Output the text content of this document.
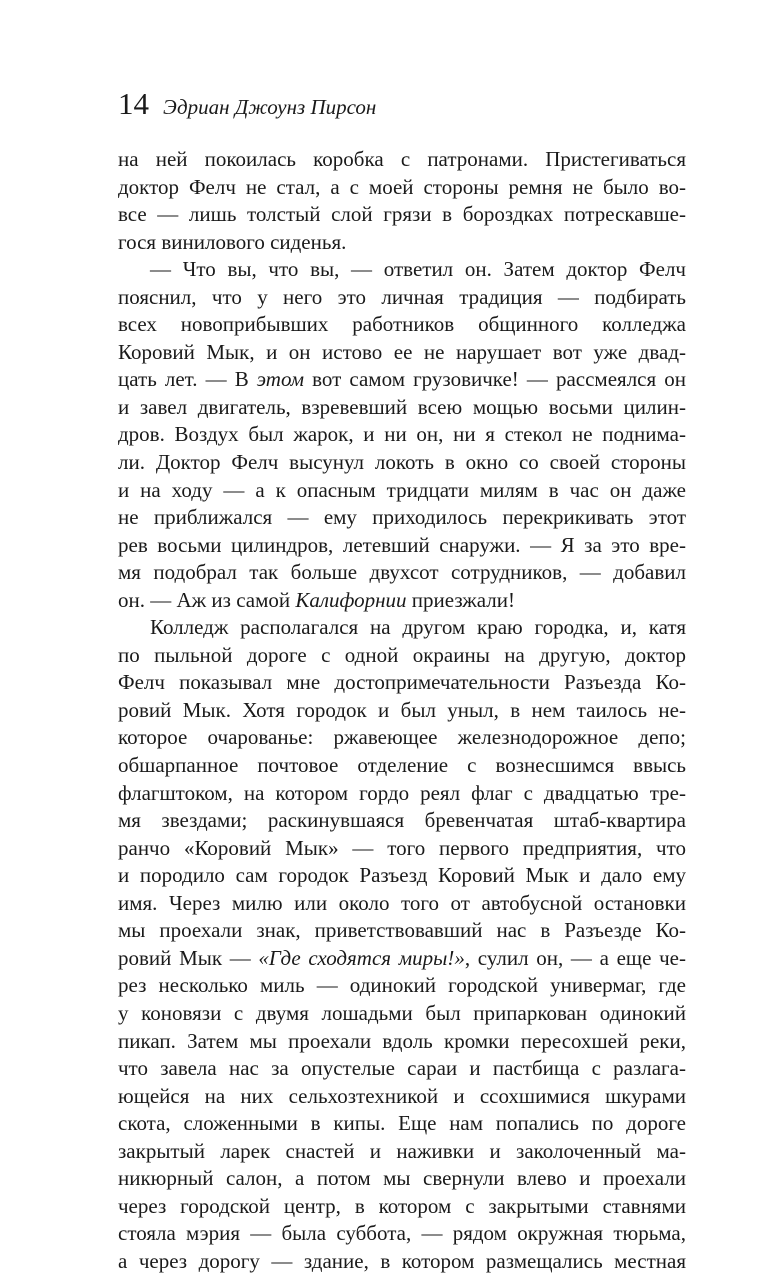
14 Эдриан Джоунз Пирсон
на ней покоилась коробка с патронами. Пристегиваться
доктор Фелч не стал, а с моей стороны ремня не было во-
все — лишь толстый слой грязи в бороздках потрескавше-
гося винилового сиденья.
— Что вы, что вы, — ответил он. Затем доктор Фелч
пояснил, что у него это личная традиция — подбирать
всех новоприбывших работников общинного колледжа
Коровий Мык, и он истово ее не нарушает вот уже двад-
цать лет. — В этом вот самом грузовичке! — рассмеялся он
и завел двигатель, взревевший всею мощью восьми цилин-
дров. Воздух был жарок, и ни он, ни я стекол не поднима-
ли. Доктор Фелч высунул локоть в окно со своей стороны
и на ходу — а к опасным тридцати милям в час он даже
не приближался — ему приходилось перекрикивать этот
рев восьми цилиндров, летевший снаружи. — Я за это вре-
мя подобрал так больше двухсот сотрудников, — добавил
он. — Аж из самой Калифорнии приезжали!
Колледж располагался на другом краю городка, и, катя
по пыльной дороге с одной окраины на другую, доктор
Фелч показывал мне достопримечательности Разъезда Ко-
ровий Мык. Хотя городок и был уныл, в нем таилось не-
которое очарованье: ржавеющее железнодорожное депо;
обшарпанное почтовое отделение с вознесшимся ввысь
флагштоком, на котором гордо реял флаг с двадцатью тре-
мя звездами; раскинувшаяся бревенчатая штаб-квартира
ранчо «Коровий Мык» — того первого предприятия, что
и породило сам городок Разъезд Коровий Мык и дало ему
имя. Через милю или около того от автобусной остановки
мы проехали знак, приветствовавший нас в Разъезде Ко-
ровий Мык — «Где сходятся миры!», сулил он, — а еще че-
рез несколько миль — одинокий городской универмаг, где
у коновязи с двумя лошадьми был припаркован одинокий
пикап. Затем мы проехали вдоль кромки пересохшей реки,
что завела нас за опустелые сараи и пастбища с разлага-
ющейся на них сельхозтехникой и ссохшимися шкурами
скота, сложенными в кипы. Еще нам попались по дороге
закрытый ларек снастей и наживки и заколоченный ма-
никюрный салон, а потом мы свернули влево и проехали
через городской центр, в котором с закрытыми ставнями
стояла мэрия — была суббота, — рядом окружная тюрьма,
а через дорогу — здание, в котором размещались местная
